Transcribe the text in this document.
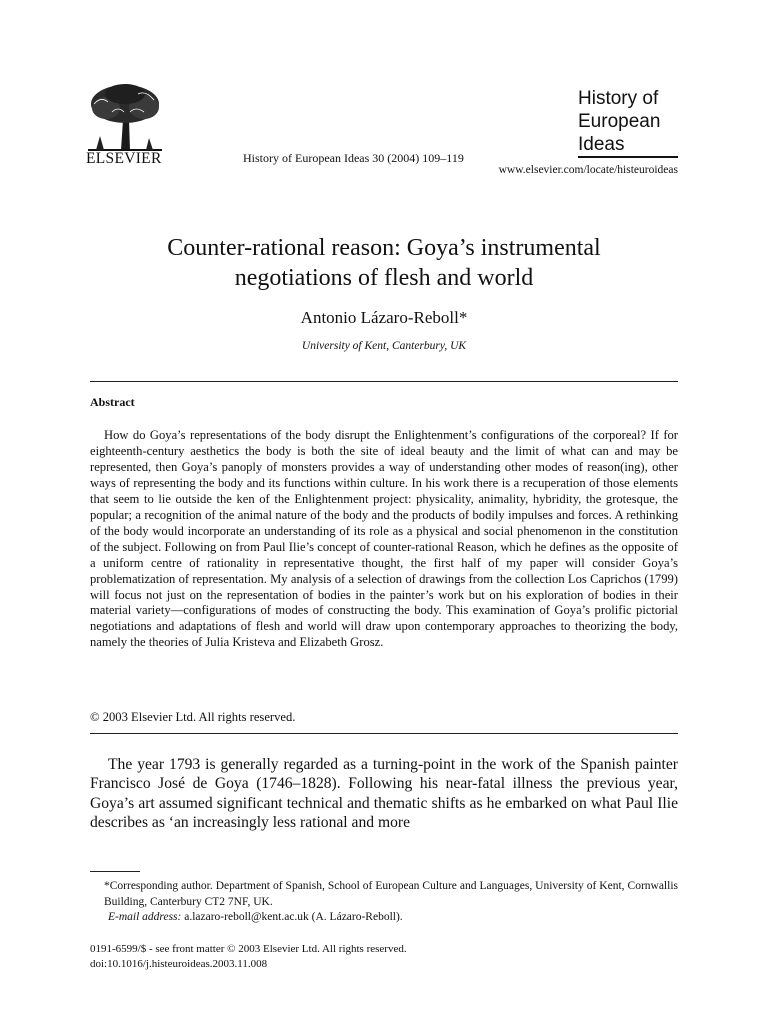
ELSEVIER	History of European Ideas 30 (2004) 109–119
History of
European
Ideas
www.elsevier.com/locate/histeuroideas
Counter-rational reason: Goya’s instrumental
negotiations of flesh and world
Antonio Lázaro-Reboll*
University of Kent, Canterbury, UK
Abstract
How do Goya’s representations of the body disrupt the Enlightenment’s configurations of the corporeal? If for eighteenth-century aesthetics the body is both the site of ideal beauty and the limit of what can and may be represented, then Goya’s panoply of monsters provides a way of understanding other modes of reason(ing), other ways of representing the body and its functions within culture. In his work there is a recuperation of those elements that seem to lie outside the ken of the Enlightenment project: physicality, animality, hybridity, the grotesque, the popular; a recognition of the animal nature of the body and the products of bodily impulses and forces. A rethinking of the body would incorporate an understanding of its role as a physical and social phenomenon in the constitution of the subject. Following on from Paul Ilie’s concept of counter-rational Reason, which he defines as the opposite of a uniform centre of rationality in representative thought, the first half of my paper will consider Goya’s problematization of representation. My analysis of a selection of drawings from the collection Los Caprichos (1799) will focus not just on the representation of bodies in the painter’s work but on his exploration of bodies in their material variety—configurations of modes of constructing the body. This examination of Goya’s prolific pictorial negotiations and adaptations of flesh and world will draw upon contemporary approaches to theorizing the body, namely the theories of Julia Kristeva and Elizabeth Grosz.
© 2003 Elsevier Ltd. All rights reserved.
The year 1793 is generally regarded as a turning-point in the work of the Spanish painter Francisco José de Goya (1746–1828). Following his near-fatal illness the previous year, Goya’s art assumed significant technical and thematic shifts as he embarked on what Paul Ilie describes as ‘an increasingly less rational and more
*Corresponding author. Department of Spanish, School of European Culture and Languages, University of Kent, Cornwallis Building, Canterbury CT2 7NF, UK.
E-mail address: a.lazaro-reboll@kent.ac.uk (A. Lázaro-Reboll).
0191-6599/$ - see front matter © 2003 Elsevier Ltd. All rights reserved.
doi:10.1016/j.histeuroideas.2003.11.008
